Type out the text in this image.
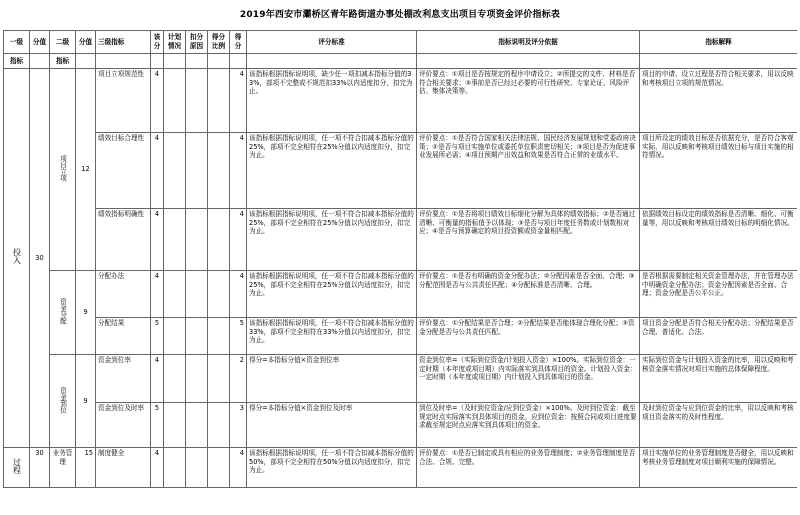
2019年西安市灞桥区青年路街道办事处棚改利息支出项目专项资金评价指标表
一级	分值	二级	分值	三级指标	该分	计划情况	扣分原因	得分比例	得分	评分标准	指标说明及评分依据	指标解释
指标		指标										
投入	30	项目立项	12	项目立项规范性	4				4	该指标根据指标说明项，缺少任一项扣减本指标分值的33%，部项不完整或不规范扣33%以内适度扣分，扣完为止。	评价要点：①项目是否按规定的程序申请设立；②所提交的文件、材料是否符合相关要求；③事前是否已经过必要的可行性研究、专家论证、风险评估、集体决策等。	项目的申请、设立过程是否符合相关要求，用以反映和考核项目立项的规范情况。
				绩效目标合理性	4				4	该指标根据指标说明项，任一项不符合扣减本指标分值的25%，部项不完全相符在25%分值以内适度扣分，扣完为止。	评价要点：①是否符合国家相关法律法规、国民经济发展规划和党委政府决策；②是否与项目实施单位或委托单位职责密切相关；③项目是否为促进事业发展所必需；④项目预期产出效益和效果是否符合正常的业绩水平。	项目所设定的绩效目标是否依据充分，是否符合客观实际，用以反映和考核项目绩效目标与项目实施的相符情况。
				绩效指标明确性	4				4	该指标根据指标说明项，任一项不符合扣减本指标分值的25%，部项不完全相符在25%分值以内适度扣分，扣完为止。	评价要点：①是否将项目绩效目标细化分解为具体的绩效指标；②是否通过清晰、可衡量的指标值予以体现；③是否与项目年度任务数或计划数相对应；④是否与预算确定的项目投资额或资金量相匹配。	依据绩效目标设定的绩效指标是否清晰、细化、可衡量等，用以反映和考核项目绩效目标的明细化情况。
		资金分配	9	分配办法	4				4	该指标根据指标说明项，任一项不符合扣减本指标分值的25%，部项不完全相符在25%分值以内适度扣分，扣完为止。	评价要点：①是否有明确的资金分配办法；②分配因素是否全面、合理；③分配范围是否与公共责任匹配；④分配标准是否清晰、合理。	是否根据需要制定相关资金管理办法，并在管理办法中明确资金分配办法；资金分配因素是否全面、合理；资金分配是否公平公正。
				分配结果	5				5	该指标根据指标说明项，任一项不符合扣减本指标分值的33%，部项不完全相符在33%分值以内适度扣分，扣完为止。	评价要点：①分配结果是否合理；②分配结果是否能体现合理化分配；③资金分配是否与公共责任匹配。	项目资金分配是否符合相关分配办法；分配结果是否合理、普适化、合法。
		资金到位	9	资金到位率	4				2	得分=本指标分值×资金到位率	资金到位率=（实际到位资金/计划投入资金）×100%。实际到位资金：一定时期（本年度或项目期）内实际落实到具体项目的资金。计划投入资金：一定时期（本年度或项目期）内计划投入到具体项目的资金。	实际到位资金与计划投入资金的比率，用以反映和考核资金落实情况对项目实施的总体保障程度。
				资金到位及时率	5				3	得分=本指标分值×资金到位及时率	到位及时率=（及时到位资金/应到位资金）×100%。及时到位资金：截至规定时点实际落实到具体项目的资金。应到位资金：按照合同或项目进度要求截至规定时点应落实到具体项目的资金。	及时到位资金与应到位资金的比率，用以反映和考核项目资金落实的及时性程度。
过程	30	业务管理	15	制度健全	4				4	该指标根据指标说明项，任一项不符合扣减本指标分值的50%，部项不完全相符在50%分值以内适度扣分，扣完为止。	评价要点：①是否已制定或具有相应的业务管理制度；②业务管理制度是否合法、合规、完整。	项目实施单位的业务管理制度是否健全，用以反映和考核业务管理制度对项目顺利实施的保障情况。
